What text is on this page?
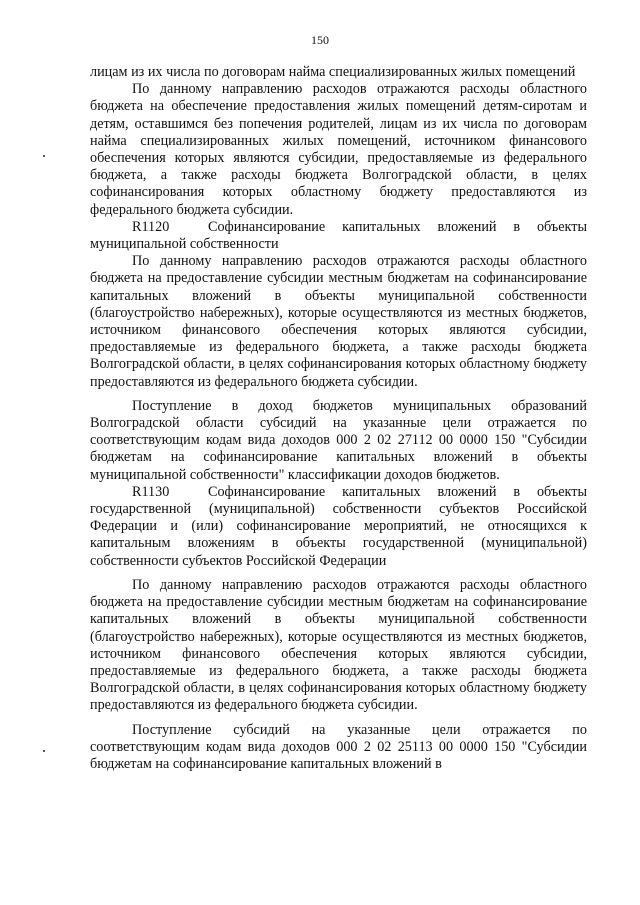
150

лицам из их числа по договорам найма специализированных жилых помещений

По данному направлению расходов отражаются расходы областного бюджета на обеспечение предоставления жилых помещений детям-сиротам и детям, оставшимся без попечения родителей, лицам из их числа по договорам найма специализированных жилых помещений, источником финансового обеспечения которых являются субсидии, предоставляемые из федерального бюджета, а также расходы бюджета Волгоградской области, в целях софинансирования которых областному бюджету предоставляются из федерального бюджета субсидии.

R1120	Софинансирование капитальных вложений в объекты муниципальной собственности

По данному направлению расходов отражаются расходы областного бюджета на предоставление субсидии местным бюджетам на софинансирование капитальных вложений в объекты муниципальной собственности (благоустройство набережных), которые осуществляются из местных бюджетов, источником финансового обеспечения которых являются субсидии, предоставляемые из федерального бюджета, а также расходы бюджета Волгоградской области, в целях софинансирования которых областному бюджету предоставляются из федерального бюджета субсидии.

Поступление в доход бюджетов муниципальных образований Волгоградской области субсидий на указанные цели отражается по соответствующим кодам вида доходов 000 2 02 27112 00 0000 150 "Субсидии бюджетам на софинансирование капитальных вложений в объекты муниципальной собственности" классификации доходов бюджетов.

R1130	Софинансирование капитальных вложений в объекты государственной (муниципальной) собственности субъектов Российской Федерации и (или) софинансирование мероприятий, не относящихся к капитальным вложениям в объекты государственной (муниципальной) собственности субъектов Российской Федерации

По данному направлению расходов отражаются расходы областного бюджета на предоставление субсидии местным бюджетам на софинансирование капитальных вложений в объекты муниципальной собственности (благоустройство набережных), которые осуществляются из местных бюджетов, источником финансового обеспечения которых являются субсидии, предоставляемые из федерального бюджета, а также расходы бюджета Волгоградской области, в целях софинансирования которых областному бюджету предоставляются из федерального бюджета субсидии.

Поступление субсидий на указанные цели отражается по соответствующим кодам вида доходов 000 2 02 25113 00 0000 150 "Субсидии бюджетам на софинансирование капитальных вложений в
